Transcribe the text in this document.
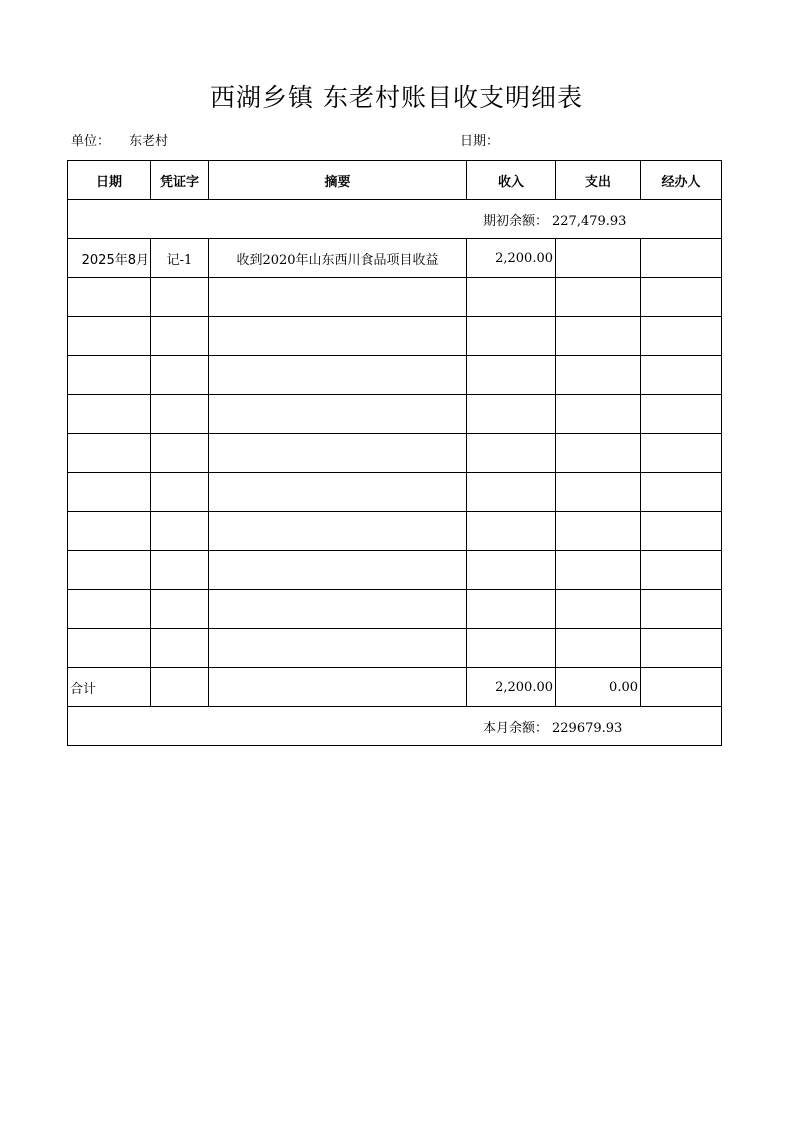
西湖乡镇 东老村账目收支明细表
单位： 东老村	日期：
日期	凭证字	摘要	收入	支出	经办人
期初余额： 227,479.93					
2025年8月	记-1	收到2020年山东西川食品项目收益	2,200.00		

合计			2,200.00	0.00	
本月余额： 229679.93					
